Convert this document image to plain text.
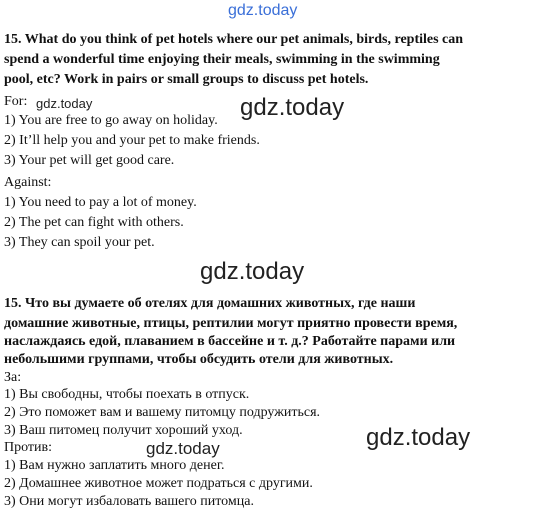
gdz.today
gdz.today	gdz.today
gdz.today
gdz.today
gdz.today
15. What do you think of pet hotels where our pet animals, birds, reptiles can
spend a wonderful time enjoying their meals, swimming in the swimming
pool, etc? Work in pairs or small groups to discuss pet hotels.
For:
1) You are free to go away on holiday.
2) It’ll help you and your pet to make friends.
3) Your pet will get good care.
Against:
1) You need to pay a lot of money.
2) The pet can fight with others.
3) They can spoil your pet.
15. Что вы думаете об отелях для домашних животных, где наши
домашние животные, птицы, рептилии могут приятно провести время,
наслаждаясь едой, плаванием в бассейне и т. д.? Работайте парами или
небольшими группами, чтобы обсудить отели для животных.
За:
1) Вы свободны, чтобы поехать в отпуск.
2) Это поможет вам и вашему питомцу подружиться.
3) Ваш питомец получит хороший уход.
Против:
1) Вам нужно заплатить много денег.
2) Домашнее животное может подраться с другими.
3) Они могут избаловать вашего питомца.
